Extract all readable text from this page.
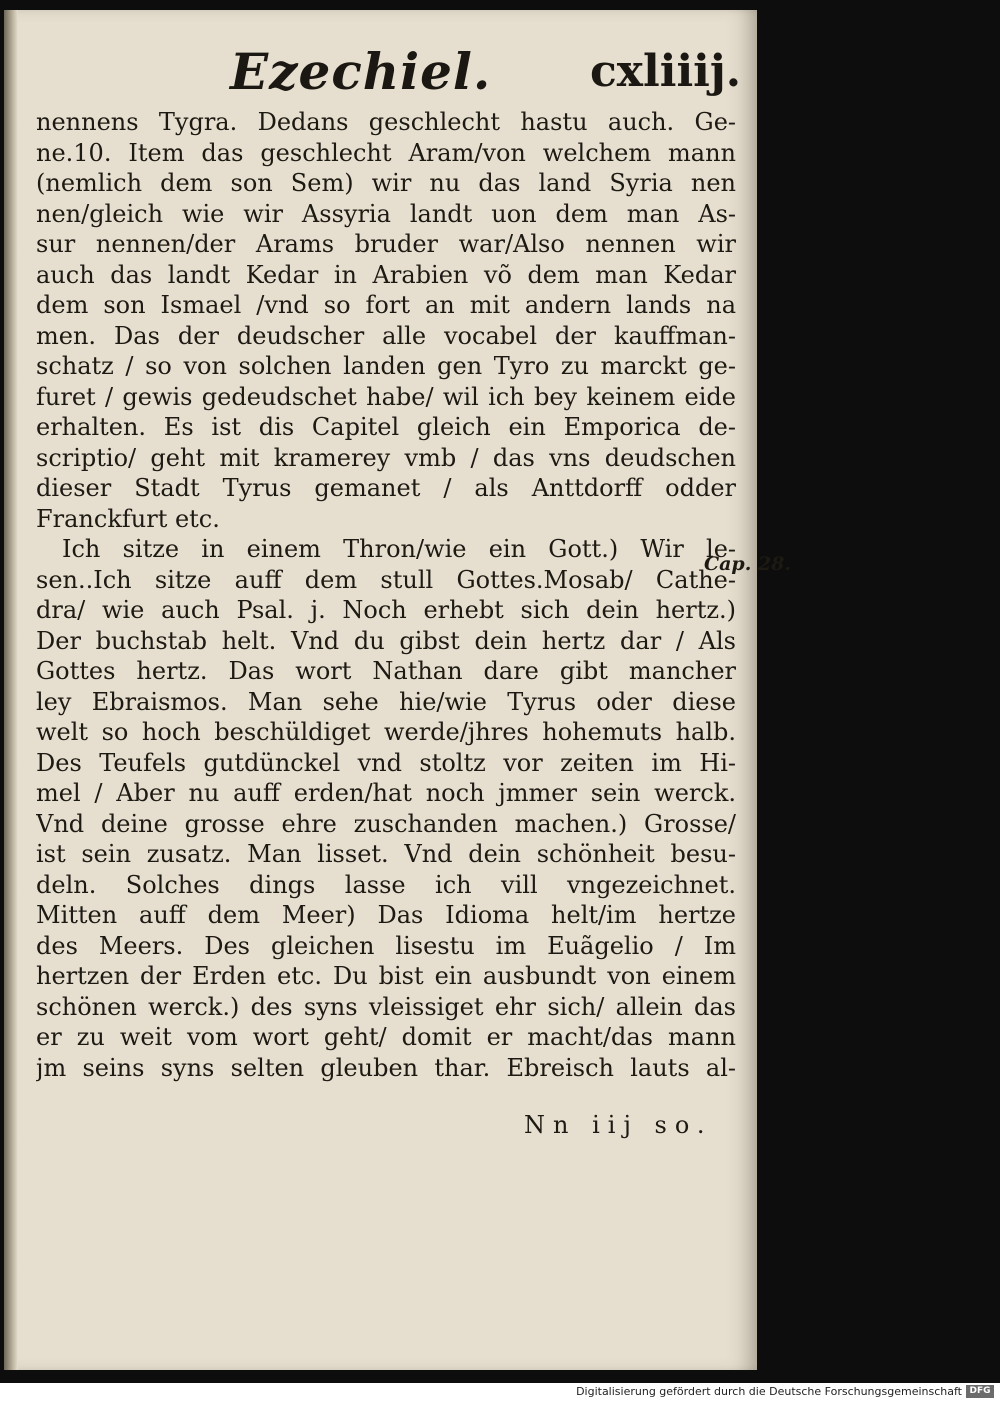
Ezechiel. cxliiij.
nennens Tygra. Dedans geschlecht hastu auch. Ge-
ne.10. Item das geschlecht Aram/von welchem mann
(nemlich dem son Sem) wir nu das land Syria nen
nen/gleich wie wir Assyria landt uon dem man As-
sur nennen/der Arams bruder war/Also nennen wir
auch das landt Kedar in Arabien võ dem man Kedar
dem son Ismael /vnd so fort an mit andern lands na
men. Das der deudscher alle vocabel der kauffman-
schatz / so von solchen landen gen Tyro zu marckt ge-
furet / gewis gedeudschet habe/ wil ich bey keinem eide
erhalten. Es ist dis Capitel gleich ein Emporica de-
scriptio/ geht mit kramerey vmb / das vns deudschen
dieser Stadt Tyrus gemanet / als Anttdorff odder
Franckfurt etc.
Ich sitze in einem Thron/wie ein Gott.) Wir le-
sen..Ich sitze auff dem stull Gottes.Mosab/ Cathe-
dra/ wie auch Psal. j. Noch erhebt sich dein hertz.)
Der buchstab helt. Vnd du gibst dein hertz dar / Als
Gottes hertz. Das wort Nathan dare gibt mancher
ley Ebraismos. Man sehe hie/wie Tyrus oder diese
welt so hoch beschüldiget werde/jhres hohemuts halb.
Des Teufels gutdünckel vnd stoltz vor zeiten im Hi-
mel / Aber nu auff erden/hat noch jmmer sein werck.
Vnd deine grosse ehre zuschanden machen.) Grosse/
ist sein zusatz. Man lisset. Vnd dein schönheit besu-
deln. Solches dings lasse ich vill vngezeichnet.
Mitten auff dem Meer) Das Idioma helt/im hertze
des Meers. Des gleichen lisestu im Euãgelio / Im
hertzen der Erden etc. Du bist ein ausbundt von einem
schönen werck.) des syns vleissiget ehr sich/ allein das
er zu weit vom wort geht/ domit er macht/das mann
jm seins syns selten gleuben thar. Ebreisch lauts al-
Cap. 28.
Nn iij so.
Digitalisierung gefördert durch die Deutsche Forschungsgemeinschaft DFG
